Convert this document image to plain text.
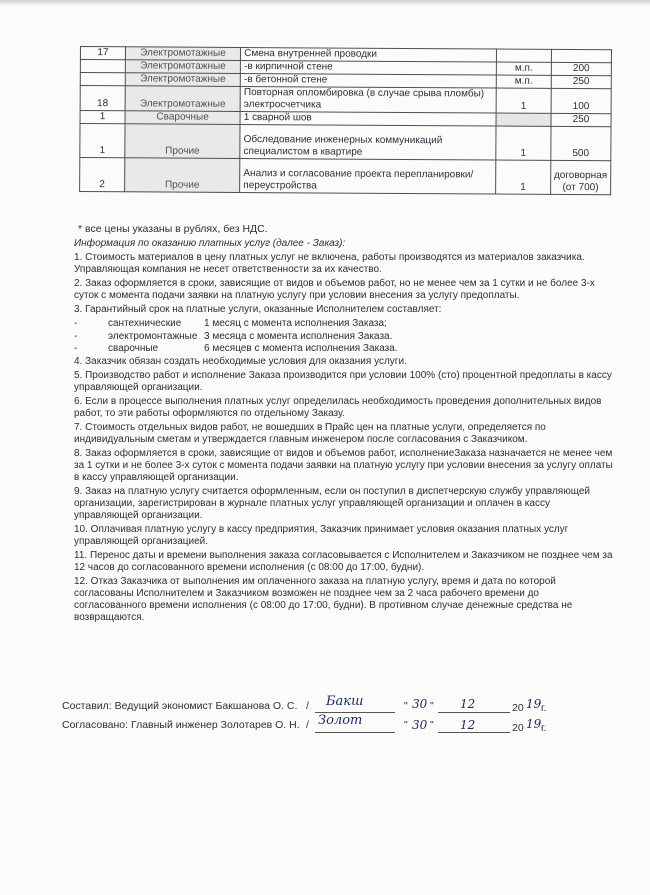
17	Электромотажные	Смена внутренней проводки		
	Электромотажные	-в кирпичной стене	м.п.	200
	Электромотажные	-в бетонной стене	м.п.	250
18	Электромотажные	Повторная опломбировка (в случае срыва пломбы) электросчетчика	1	100
1	Сварочные	1 сварной шов		250
1	Прочие	Обследование инженерных коммуникаций специалистом в квартире	1	500
2	Прочие	Анализ и согласование проекта перепланировки/переустройства	1	договорная (от 700)
* все цены указаны в рублях, без НДС.

Информация по оказанию платных услуг (далее - Заказ):

1. Стоимость материалов в цену платных услуг не включена, работы производятся из материалов заказчика. Управляющая компания не несет ответственности за их качество.

2. Заказ оформляется в сроки, зависящие от видов и объемов работ, но не менее чем за 1 сутки и не более 3-х суток с момента подачи заявки на платную услугу при условии внесения за услугу предоплаты.

3. Гарантийный срок на платные услуги, оказанные Исполнителем составляет:

-	сантехнические 1 месяц с момента исполнения Заказа;
-	электромонтажные 3 месяца с момента исполнения Заказа.
-	сварочные	6 месяцев с момента исполнения Заказа.

4. Заказчик обязан создать необходимые условия для оказания услуги.

5. Производство работ и исполнение Заказа производится при условии 100% (сто) процентной предоплаты в кассу управляющей организации.

6. Если в процессе выполнения платных услуг определилась необходимость проведения дополнительных видов работ, то эти работы оформляются по отдельному Заказу.

7. Стоимость отдельных видов работ, не вошедших в Прайс цен на платные услуги, определяется по индивидуальным сметам и утверждается главным инженером после согласования с Заказчиком.

8. Заказ оформляется в сроки, зависящие от видов и объемов работ, исполнениеЗаказа назначается не менее чем за 1 сутки и не более 3-х суток с момента подачи заявки на платную услугу при условии внесения за услугу оплаты в кассу управляющей организации.

9. Заказ на платную услугу считается оформленным, если он поступил в диспетчерскую службу управляющей организации, зарегистрирован в журнале платных услуг управляющей организации и оплачен в кассу управляющей организации.

10. Оплачивая платную услугу в кассу предприятия, Заказчик принимает условия оказания платных услуг управляющей организацией.

11. Перенос даты и времени выполнения заказа согласовывается с Исполнителем и Заказчиком не позднее чем за 12 часов до согласованного времени исполнения (с 08:00 до 17:00, будни).

12. Отказ Заказчика от выполнения им оплаченного заказа на платную услугу, время и дата по которой согласованы Исполнителем и Заказчиком возможен не позднее чем за 2 часа рабочего времени до согласованного времени исполнения (с 08:00 до 17:00, будни). В противном случае денежные средства не возвращаются.

Составил: Ведущий экономист Бакшанова О. С. / Бакш	" 30 " 12	20 19 г.
Согласовано: Главный инженер Золотарев О. Н. / Золот	" 30 " 12	20 19 г.
